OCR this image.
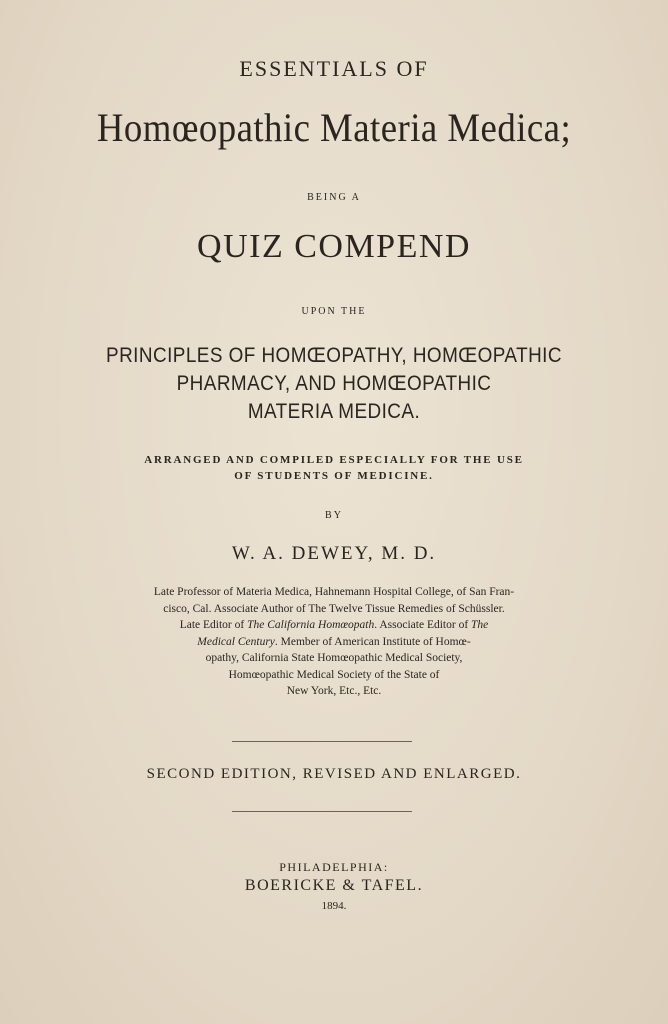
ESSENTIALS OF
Homœopathic Materia Medica;
BEING A
QUIZ COMPEND
UPON THE
PRINCIPLES OF HOMŒOPATHY, HOMŒOPATHIC
PHARMACY, AND HOMŒOPATHIC
MATERIA MEDICA.
ARRANGED AND COMPILED ESPECIALLY FOR THE USE
OF STUDENTS OF MEDICINE.
BY
W. A. DEWEY, M. D.
Late Professor of Materia Medica, Hahnemann Hospital College, of San Fran-
cisco, Cal. Associate Author of The Twelve Tissue Remedies of Schüssler.
Late Editor of The California Homœopath. Associate Editor of The
Medical Century. Member of American Institute of Homœ-
opathy, California State Homœopathic Medical Society,
Homœopathic Medical Society of the State of
New York, Etc., Etc.
SECOND EDITION, REVISED AND ENLARGED.
PHILADELPHIA:
BOERICKE & TAFEL.
1894.
